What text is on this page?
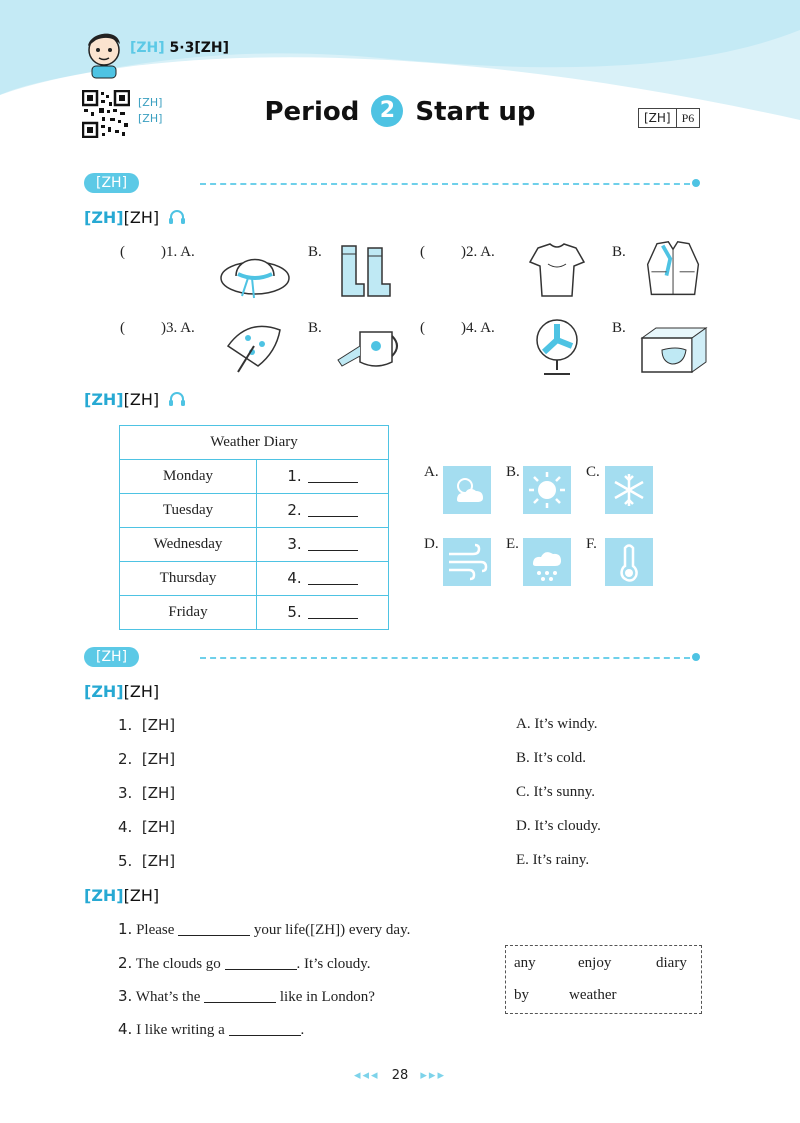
[ZH] 5·3[ZH]
[ZH]
[ZH]	Period 2 Start up	[ZH] P6
[ZH]
[ZH][ZH]
( )1. A.	B.	( )2. A.	B.
( )3. A.	B.	( )4. A.	B.
[ZH][ZH]
Weather Diary	
Monday	1.
Tuesday	2.
Wednesday	3.
Thursday	4.
Friday	5.
A.	B.	C.
D.	E.	F.
[ZH]
[ZH][ZH]
1. [ZH]
2. [ZH]
3. [ZH]
4. [ZH]
5. [ZH]
A. It’s windy.
B. It’s cold.
C. It’s sunny.
D. It’s cloudy.
E. It’s rainy.
[ZH][ZH]
1. Please	your life([ZH]) every day.
2. The clouds go	. It’s cloudy.
3. What’s the	like in London?
4. I like writing a	.
any	enjoy	diary
by	weather
◂◂◂ 28 ▸▸▸
